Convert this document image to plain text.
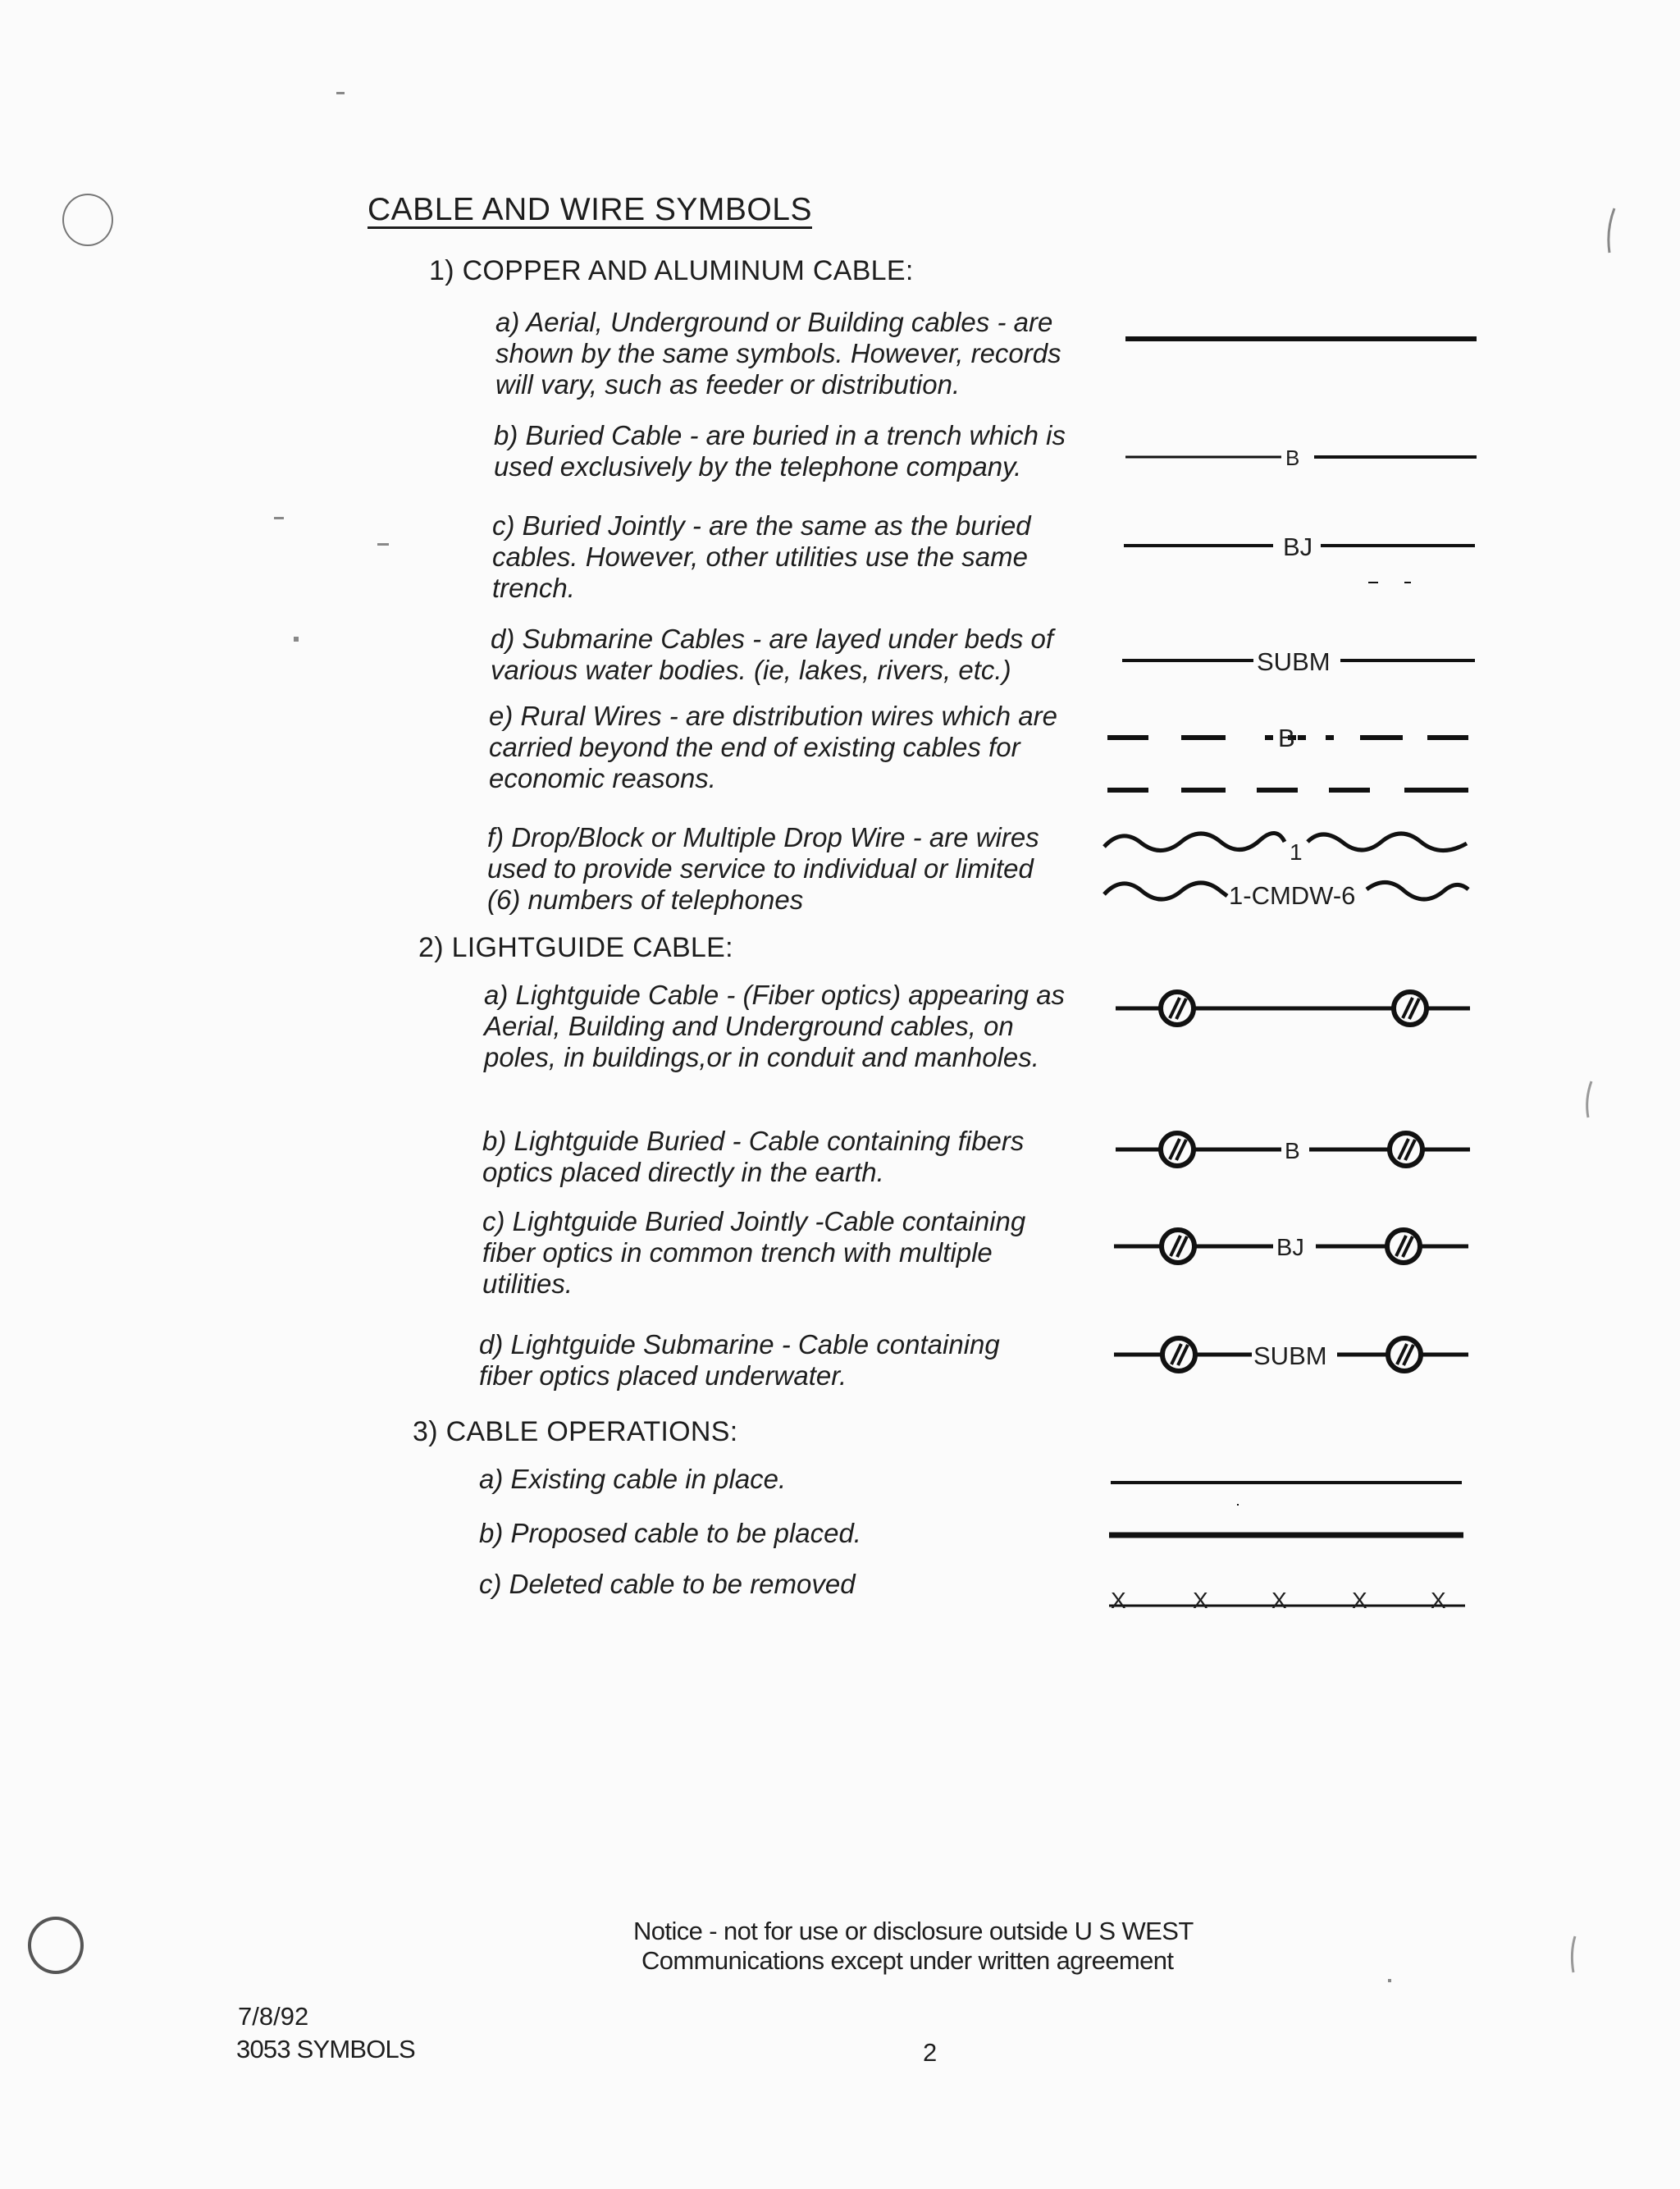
CABLE AND WIRE SYMBOLS
1) COPPER AND ALUMINUM CABLE:
a) Aerial, Underground or Building cables - are shown by the same symbols. However, records will vary, such as feeder or distribution.
b) Buried Cable - are buried in a trench which is used exclusively by the telephone company.
c) Buried Jointly - are the same as the buried cables. However, other utilities use the same trench.
d) Submarine Cables - are layed under beds of various water bodies. (ie, lakes, rivers, etc.)
e) Rural Wires - are distribution wires which are carried beyond the end of existing cables for economic reasons.
f) Drop/Block or Multiple Drop Wire - are wires used to provide service to individual or limited (6) numbers of telephones
2) LIGHTGUIDE CABLE:
a) Lightguide Cable - (Fiber optics) appearing as Aerial, Building and Underground cables, on poles, in buildings,or in conduit and manholes.
b) Lightguide Buried - Cable containing fibers optics placed directly in the earth.
c) Lightguide Buried Jointly -Cable containing fiber optics in common trench with multiple utilities.
d) Lightguide Submarine - Cable containing fiber optics placed underwater.
3) CABLE OPERATIONS:
a) Existing cable in place.
b) Proposed cable to be placed.
c) Deleted cable to be removed
B
BJ
SUBM
B
1
1-CMDW-6
B
BJ
SUBM
X	X	X	X	X
Notice - not for use or disclosure outside U S WEST
Communications except under written agreement
7/8/92
3053 SYMBOLS	2
